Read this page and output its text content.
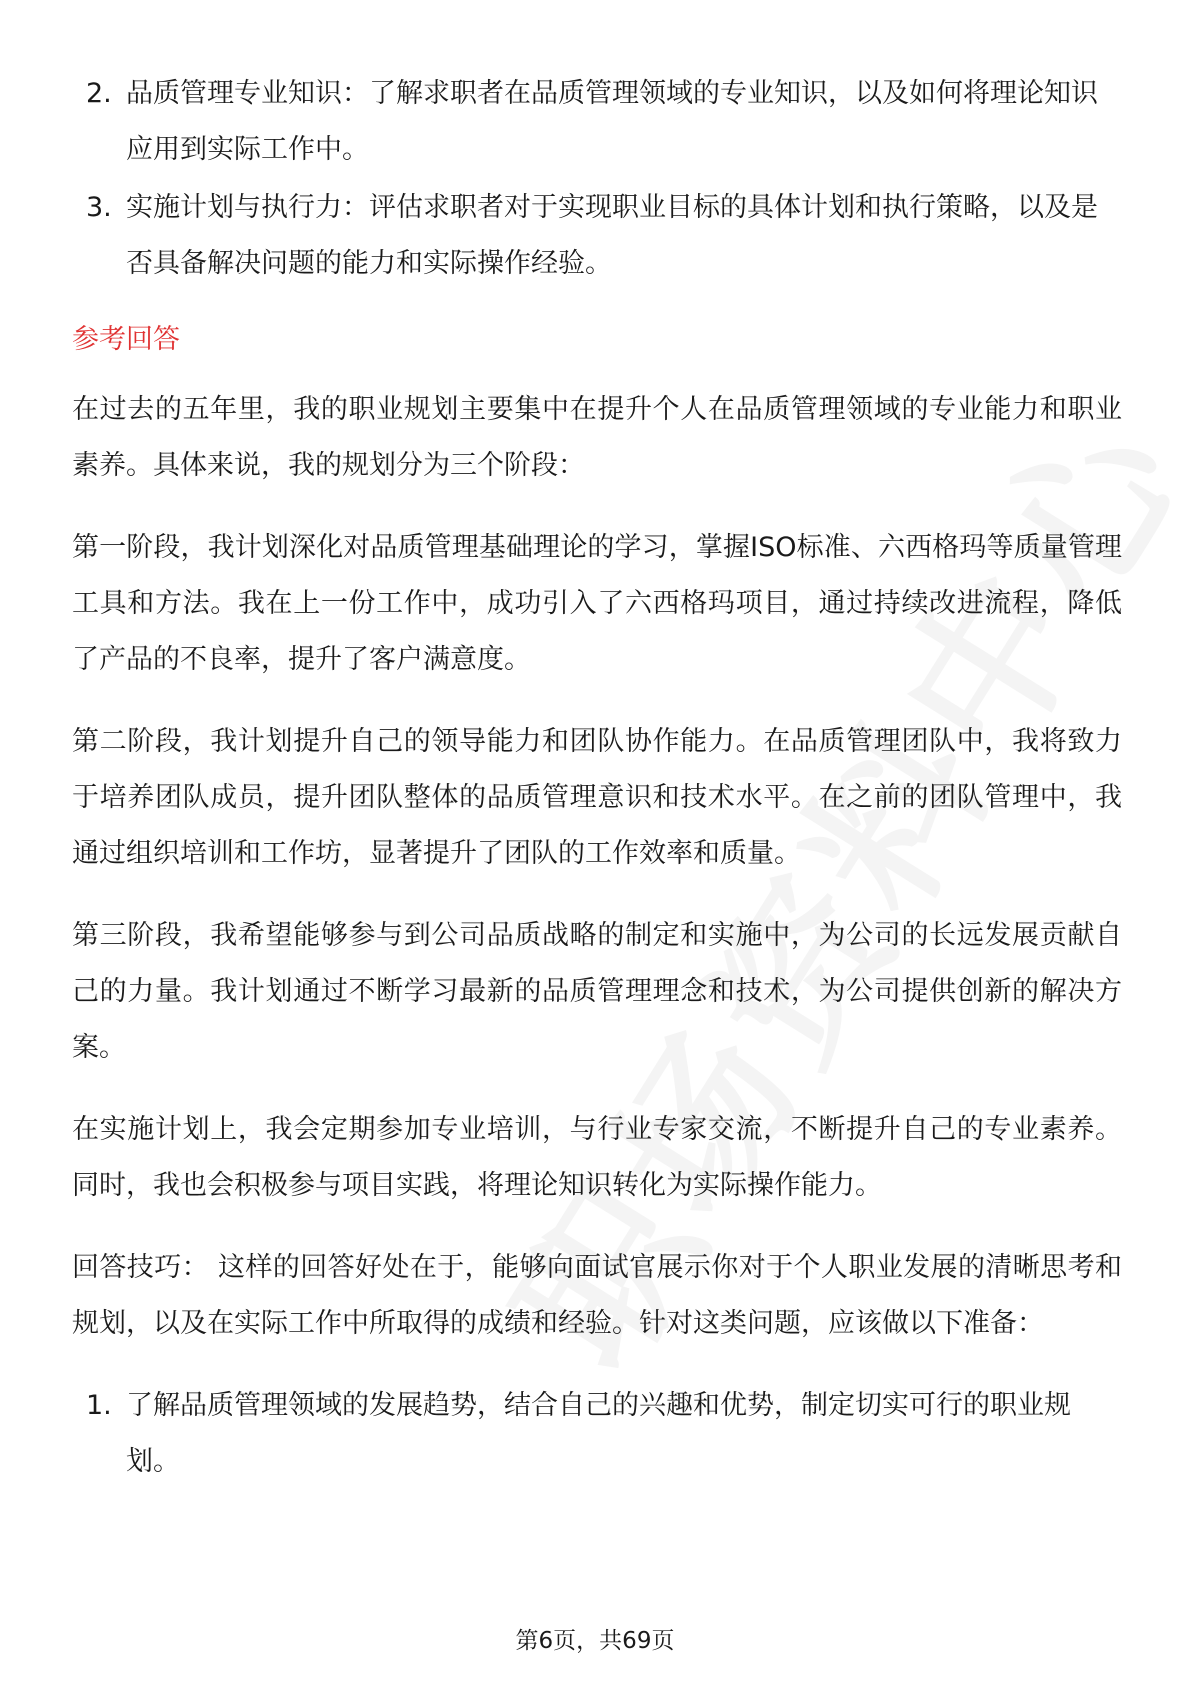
2. 品质管理专业知识：了解求职者在品质管理领域的专业知识，以及如何将理论知识应用到实际工作中。
3. 实施计划与执行力：评估求职者对于实现职业目标的具体计划和执行策略，以及是否具备解决问题的能力和实际操作经验。
参考回答

在过去的五年里，我的职业规划主要集中在提升个人在品质管理领域的专业能力和职业素养。具体来说，我的规划分为三个阶段：

第一阶段，我计划深化对品质管理基础理论的学习，掌握ISO标准、六西格玛等质量管理工具和方法。我在上一份工作中，成功引入了六西格玛项目，通过持续改进流程，降低了产品的不良率，提升了客户满意度。

第二阶段，我计划提升自己的领导能力和团队协作能力。在品质管理团队中，我将致力于培养团队成员，提升团队整体的品质管理意识和技术水平。在之前的团队管理中，我通过组织培训和工作坊，显著提升了团队的工作效率和质量。

第三阶段，我希望能够参与到公司品质战略的制定和实施中，为公司的长远发展贡献自己的力量。我计划通过不断学习最新的品质管理理念和技术，为公司提供创新的解决方案。

在实施计划上，我会定期参加专业培训，与行业专家交流，不断提升自己的专业素养。同时，我也会积极参与项目实践，将理论知识转化为实际操作能力。

回答技巧： 这样的回答好处在于，能够向面试官展示你对于个人职业发展的清晰思考和规划，以及在实际工作中所取得的成绩和经验。针对这类问题，应该做以下准备：

1. 了解品质管理领域的发展趋势，结合自己的兴趣和优势，制定切实可行的职业规划。
第6页，共69页
